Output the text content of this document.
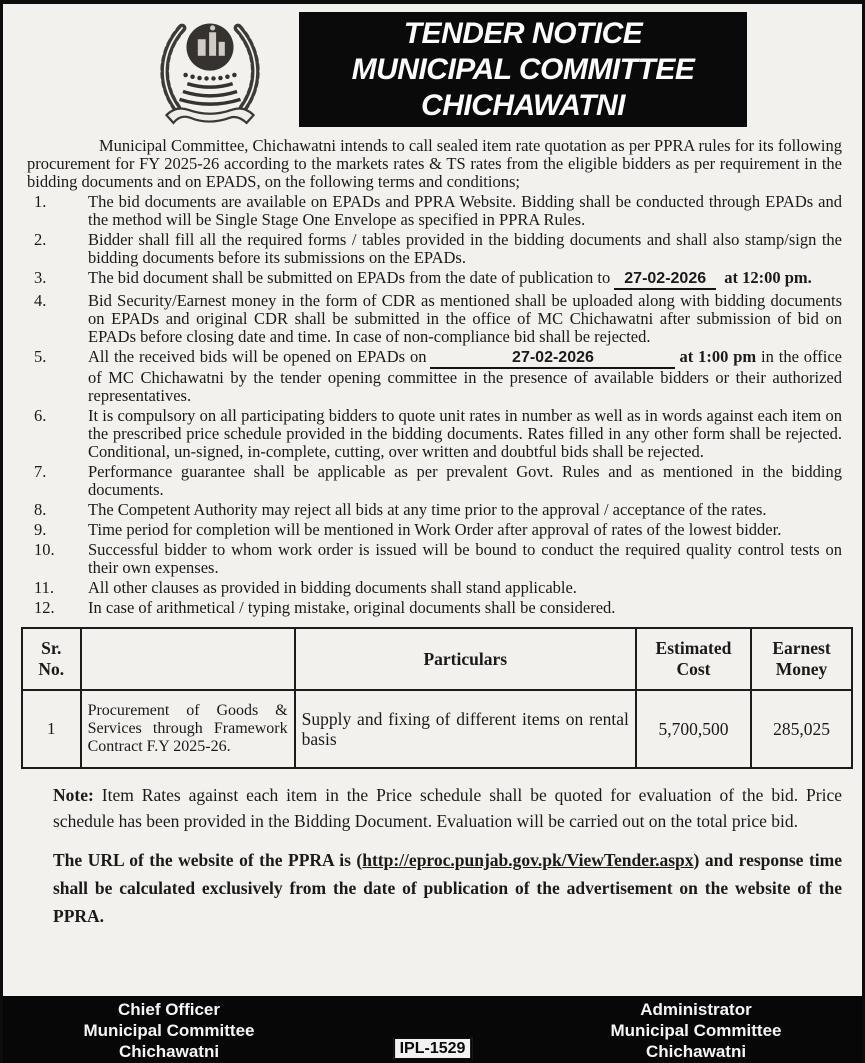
TENDER NOTICE
MUNICIPAL COMMITTEE
CHICHAWATNI

Municipal Committee, Chichawatni intends to call sealed item rate quotation as per PPRA rules for its following procurement for FY 2025-26 according to the markets rates & TS rates from the eligible bidders as per requirement in the bidding documents and on EPADS, on the following terms and conditions;

1.	The bid documents are available on EPADs and PPRA Website. Bidding shall be conducted through EPADs and the method will be Single Stage One Envelope as specified in PPRA Rules.
2.	Bidder shall fill all the required forms / tables provided in the bidding documents and shall also stamp/sign the bidding documents before its submissions on the EPADs.
3.	The bid document shall be submitted on EPADs from the date of publication to 27-02-2026 at 12:00 pm.
4.	Bid Security/Earnest money in the form of CDR as mentioned shall be uploaded along with bidding documents on EPADs and original CDR shall be submitted in the office of MC Chichawatni after submission of bid on EPADs before closing date and time. In case of non-compliance bid shall be rejected.
5.	All the received bids will be opened on EPADs on	27-02-2026	at 1:00 pm in the office of MC Chichawatni by the tender opening committee in the presence of available bidders or their authorized representatives.
6.	It is compulsory on all participating bidders to quote unit rates in number as well as in words against each item on the prescribed price schedule provided in the bidding documents. Rates filled in any other form shall be rejected. Conditional, un-signed, in-complete, cutting, over written and doubtful bids shall be rejected.
7.	Performance guarantee shall be applicable as per prevalent Govt. Rules and as mentioned in the bidding documents.
8.	The Competent Authority may reject all bids at any time prior to the approval / acceptance of the rates.
9.	Time period for completion will be mentioned in Work Order after approval of rates of the lowest bidder.
10.	Successful bidder to whom work order is issued will be bound to conduct the required quality control tests on their own expenses.
11.	All other clauses as provided in bidding documents shall stand applicable.
12.	In case of arithmetical / typing mistake, original documents shall be considered.
Sr. No.		Particulars	Estimated Cost	Earnest Money
1	Procurement of Goods & Services through Framework Contract F.Y 2025-26.	Supply and fixing of different items on rental basis	5,700,500	285,025

Note: Item Rates against each item in the Price schedule shall be quoted for evaluation of the bid. Price schedule has been provided in the Bidding Document. Evaluation will be carried out on the total price bid.

The URL of the website of the PPRA is (http://eproc.punjab.gov.pk/ViewTender.aspx) and response time shall be calculated exclusively from the date of publication of the advertisement on the website of the PPRA.

Chief Officer
Municipal Committee
Chichawatni
Administrator
Municipal Committee
Chichawatni
IPL-1529
